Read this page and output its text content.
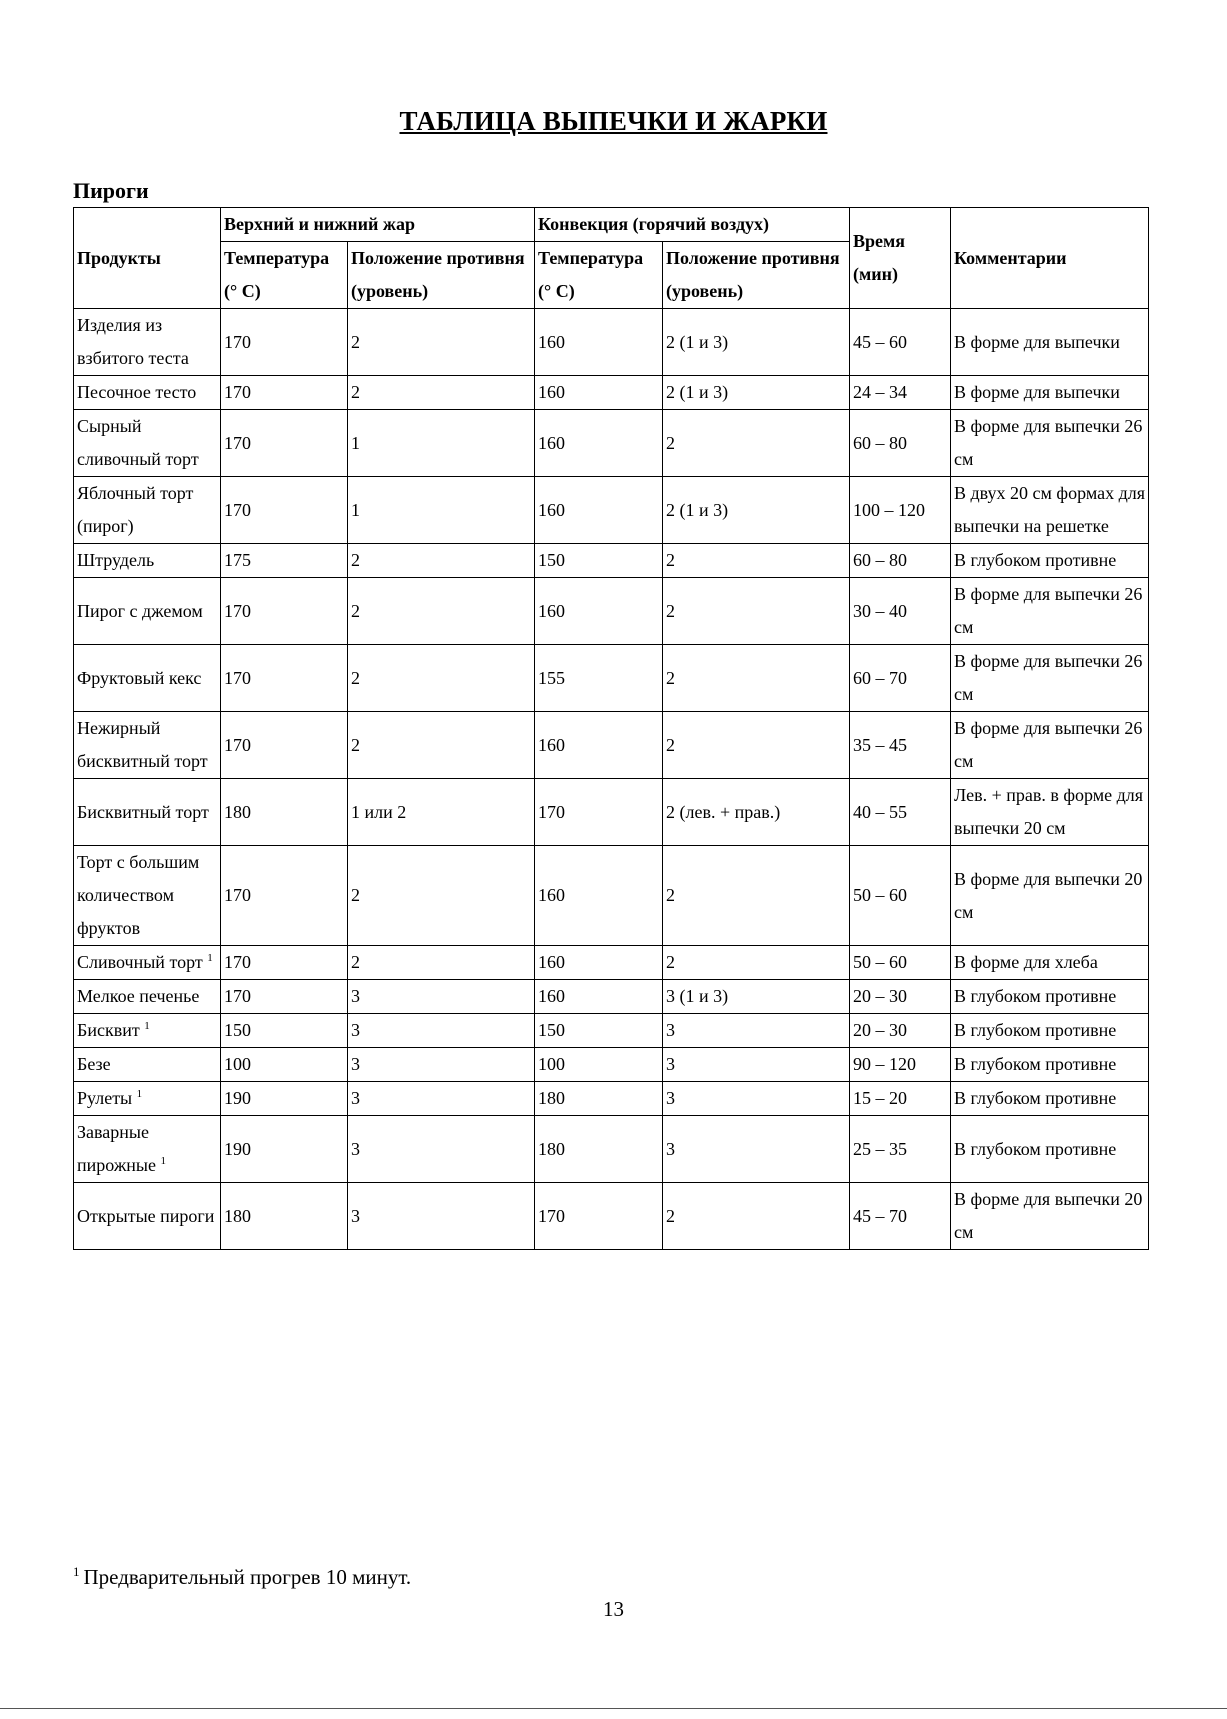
ТАБЛИЦА ВЫПЕЧКИ И ЖАРКИ
Пироги
Продукты	Верхний и нижний жар		Конвекция (горячий воздух)		Время (мин)	Комментарии
	Температура (° C)	Положение противня (уровень)	Температура (° C)	Положение противня (уровень)		
Изделия из взбитого теста	170	2	160	2 (1 и 3)	45 – 60	В форме для выпечки
Песочное тесто	170	2	160	2 (1 и 3)	24 – 34	В форме для выпечки
Сырный сливочный торт	170	1	160	2	60 – 80	В форме для выпечки 26 см
Яблочный торт (пирог)	170	1	160	2 (1 и 3)	100 – 120	В двух 20 см формах для выпечки на решетке
Штрудель	175	2	150	2	60 – 80	В глубоком противне
Пирог с джемом	170	2	160	2	30 – 40	В форме для выпечки 26 см
Фруктовый кекс	170	2	155	2	60 – 70	В форме для выпечки 26 см
Нежирный бисквитный торт	170	2	160	2	35 – 45	В форме для выпечки 26 см
Бисквитный торт	180	1 или 2	170	2 (лев. + прав.)	40 – 55	Лев. + прав. в форме для выпечки 20 см
Торт с большим количеством фруктов	170	2	160	2	50 – 60	В форме для выпечки 20 см
Сливочный торт $^1$	170	2	160	2	50 – 60	В форме для хлеба
Мелкое печенье	170	3	160	3 (1 и 3)	20 – 30	В глубоком противне
Бисквит $^1$	150	3	150	3	20 – 30	В глубоком противне
Безе	100	3	100	3	90 – 120	В глубоком противне
Рулеты $^1$	190	3	180	3	15 – 20	В глубоком противне
Заварные пирожные $^1$	190	3	180	3	25 – 35	В глубоком противне
Открытые пироги	180	3	170	2	45 – 70	В форме для выпечки 20 см
$^1$ Предварительный прогрев 10 минут.
13
